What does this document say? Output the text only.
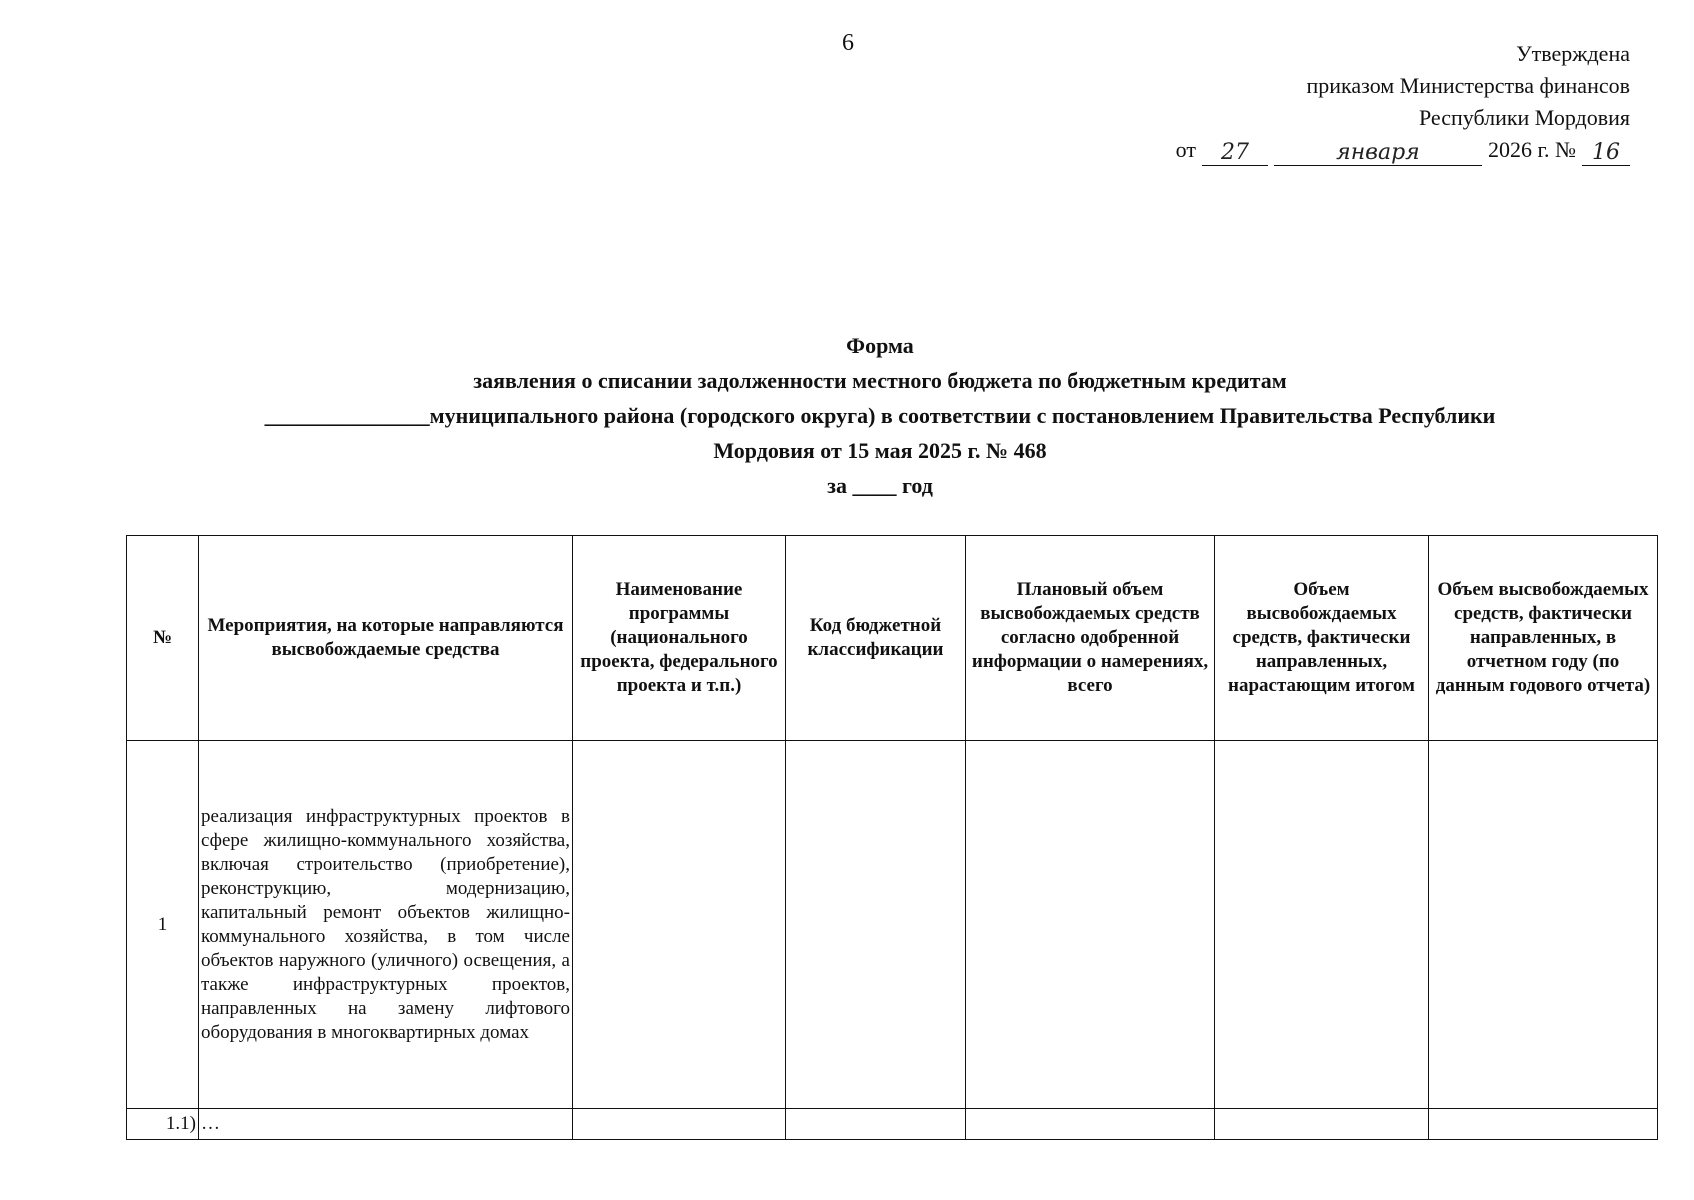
6	Утверждена
приказом Министерства финансов
Республики Мордовия
от	27	января	2026 г. № 16
Форма
заявления о списании задолженности местного бюджета по бюджетным кредитам
_______________муниципального района (городского округа) в соответствии с постановлением Правительства Республики
Мордовия от 15 мая 2025 г. № 468
за ____ год
№	Мероприятия, на которые направляются высвобождаемые средства	Наименование программы (национального проекта, федерального проекта и т.п.)	Код бюджетной классификации	Плановый объем высвобождаемых средств согласно одобренной информации о намерениях, всего	Объем высвобождаемых средств, фактически направленных, нарастающим итогом	Объем высвобождаемых средств, фактически направленных, в отчетном году (по данным годового отчета)
1	реализация инфраструктурных проектов в сфере жилищно-коммунального хозяйства, включая строительство (приобретение), реконструкцию, модернизацию, капитальный ремонт объектов жилищно-коммунального хозяйства, в том числе объектов наружного (уличного) освещения, а также инфраструктурных проектов, направленных на замену лифтового оборудования в многоквартирных домах					
1.1)	…					
